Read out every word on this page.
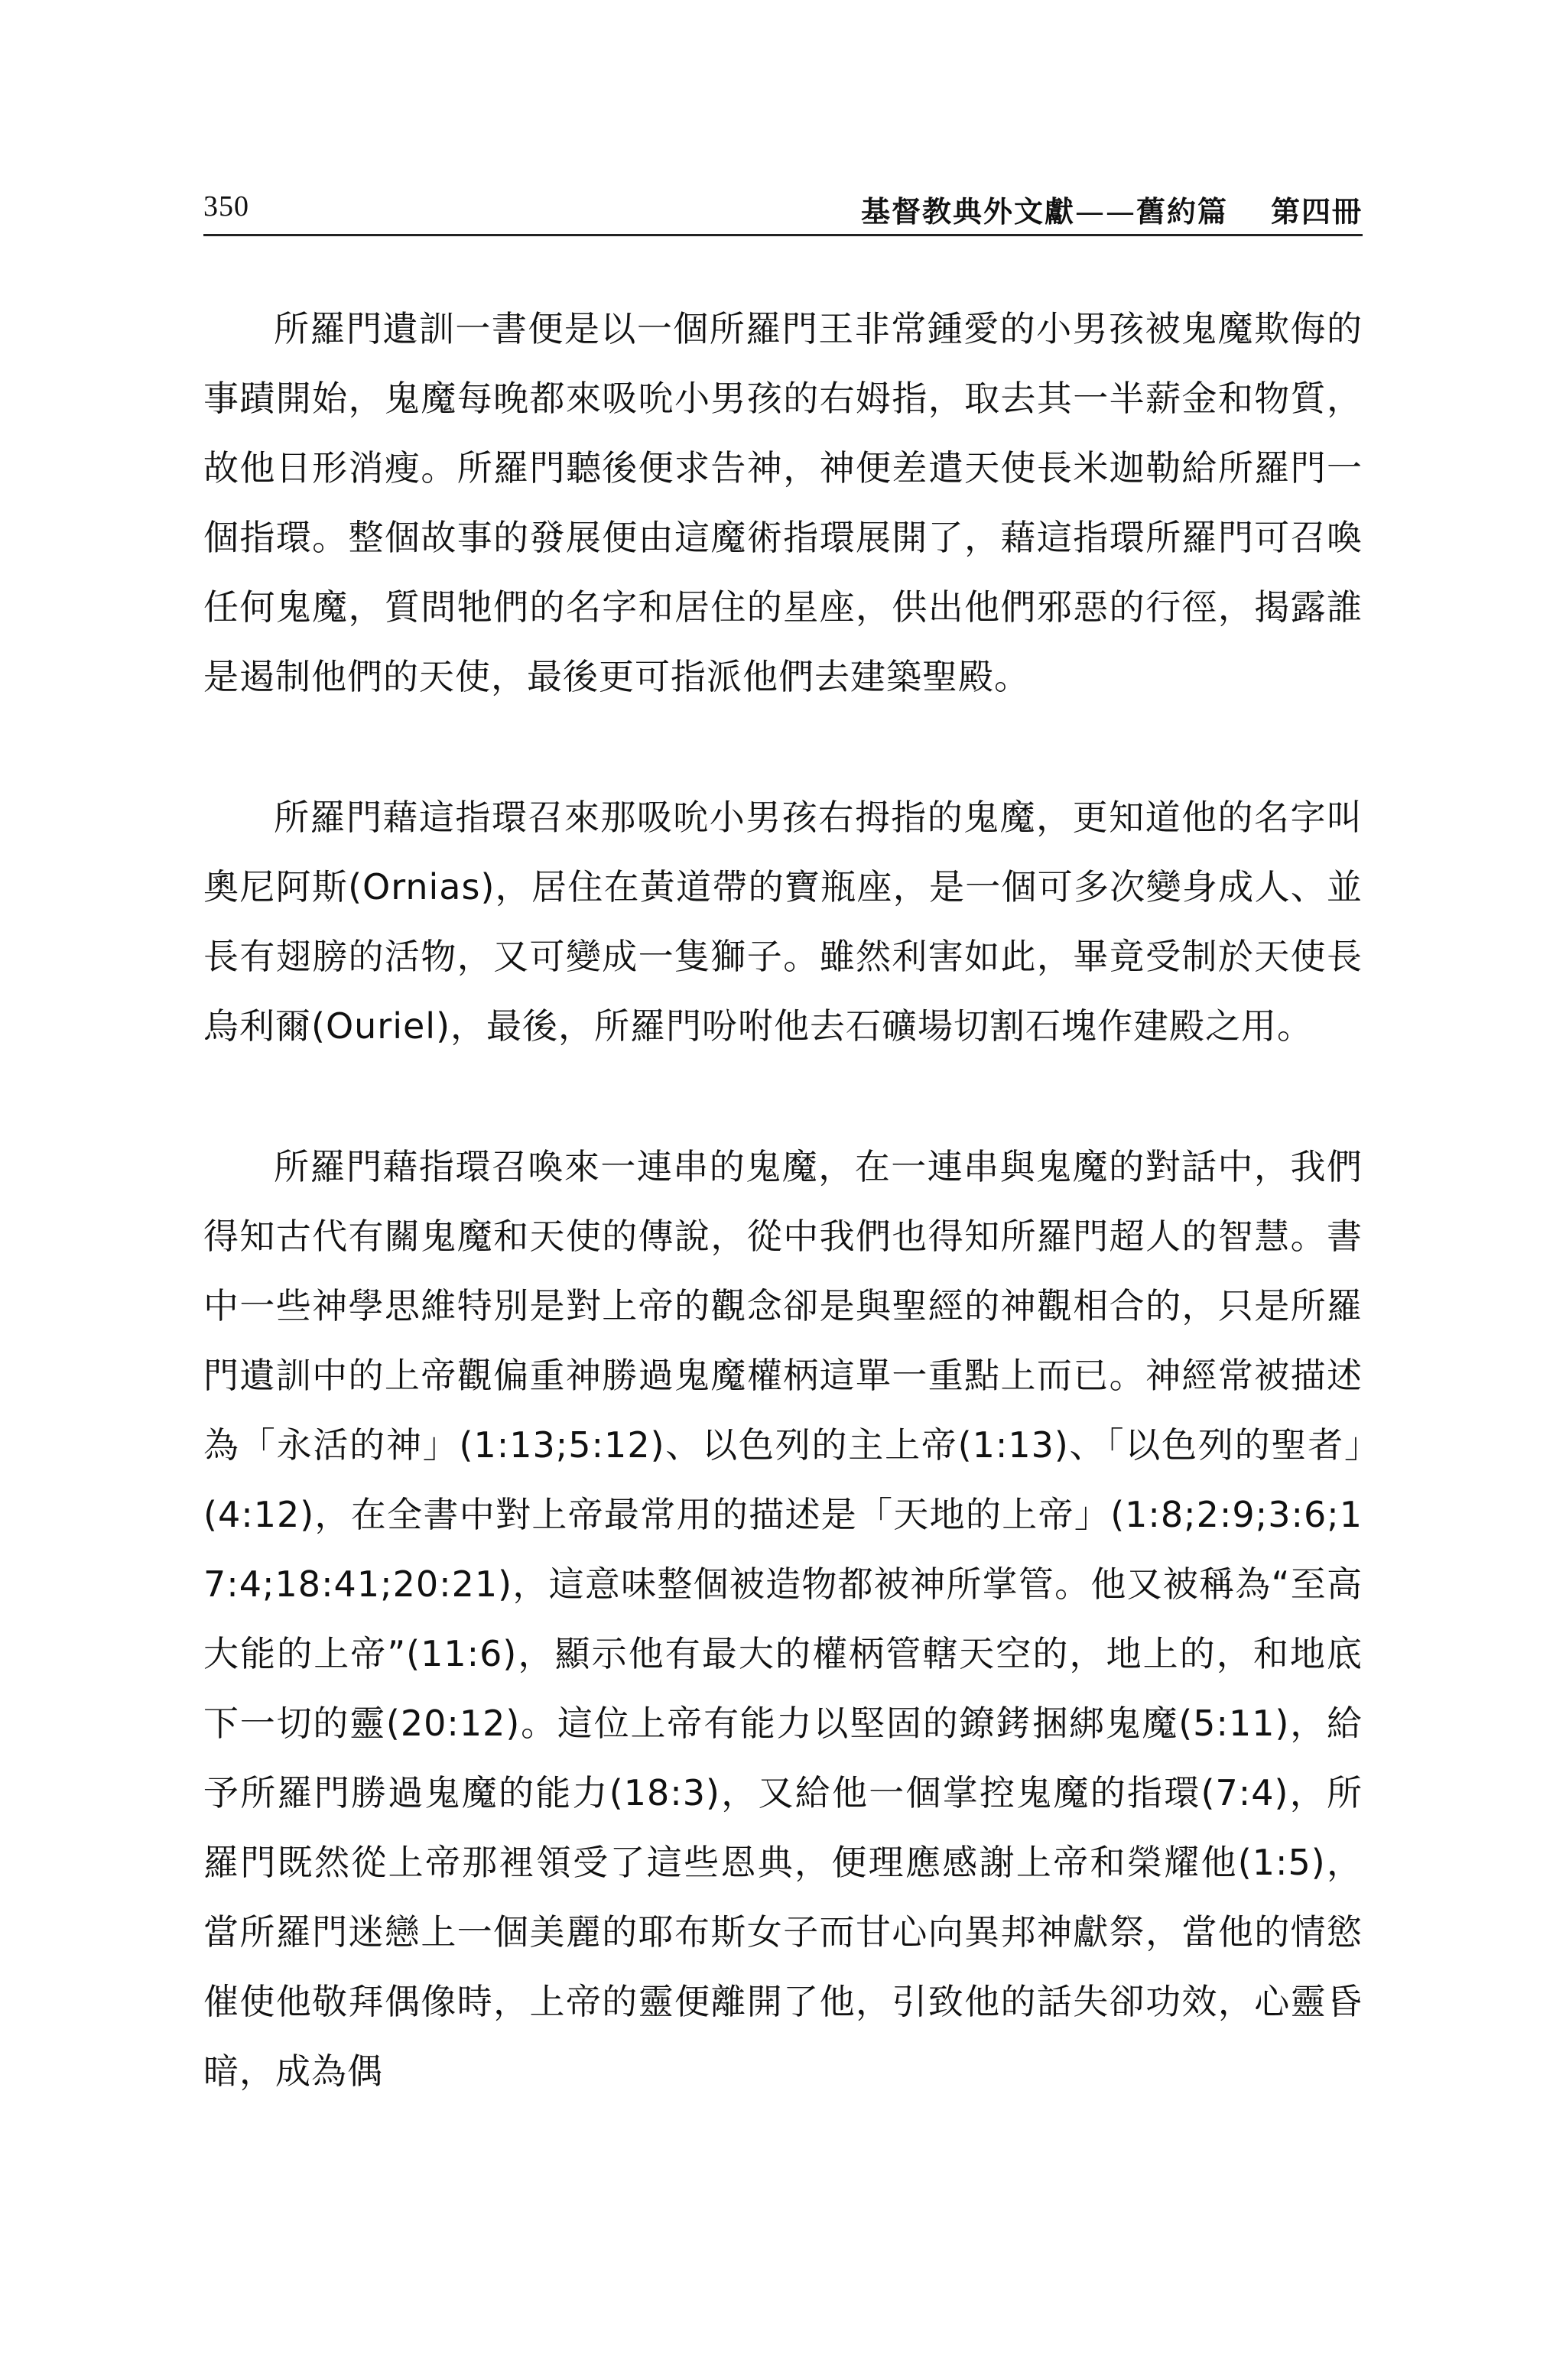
350	基督教典外文獻——舊約篇 第四冊

所羅門遺訓一書便是以一個所羅門王非常鍾愛的小男孩被鬼魔欺侮的事蹟開始，鬼魔每晚都來吸吮小男孩的右姆指，取去其一半薪金和物質，故他日形消瘦。所羅門聽後便求告神，神便差遣天使長米迦勒給所羅門一個指環。整個故事的發展便由這魔術指環展開了，藉這指環所羅門可召喚任何鬼魔，質問牠們的名字和居住的星座，供出他們邪惡的行徑，揭露誰是遏制他們的天使，最後更可指派他們去建築聖殿。

所羅門藉這指環召來那吸吮小男孩右拇指的鬼魔，更知道他的名字叫奧尼阿斯(Ornias)，居住在黃道帶的寶瓶座，是一個可多次變身成人、並長有翅膀的活物，又可變成一隻獅子。雖然利害如此，畢竟受制於天使長烏利爾(Ouriel)，最後，所羅門吩咐他去石礦場切割石塊作建殿之用。

所羅門藉指環召喚來一連串的鬼魔，在一連串與鬼魔的對話中，我們得知古代有關鬼魔和天使的傳說，從中我們也得知所羅門超人的智慧。書中一些神學思維特別是對上帝的觀念卻是與聖經的神觀相合的，只是所羅門遺訓中的上帝觀偏重神勝過鬼魔權柄這單一重點上而已。神經常被描述為「永活的神」(1:13;5:12)、以色列的主上帝(1:13)、「以色列的聖者」(4:12)，在全書中對上帝最常用的描述是「天地的上帝」(1:8;2:9;3:6;17:4;18:41;20:21)，這意味整個被造物都被神所掌管。他又被稱為“至高大能的上帝”(11:6)，顯示他有最大的權柄管轄天空的，地上的，和地底下一切的靈(20:12)。這位上帝有能力以堅固的鐐銬捆綁鬼魔(5:11)，給予所羅門勝過鬼魔的能力(18:3)，又給他一個掌控鬼魔的指環(7:4)，所羅門既然從上帝那裡領受了這些恩典，便理應感謝上帝和榮耀他(1:5)，當所羅門迷戀上一個美麗的耶布斯女子而甘心向異邦神獻祭，當他的情慾催使他敬拜偶像時，上帝的靈便離開了他，引致他的話失卻功效，心靈昏暗，成為偶
